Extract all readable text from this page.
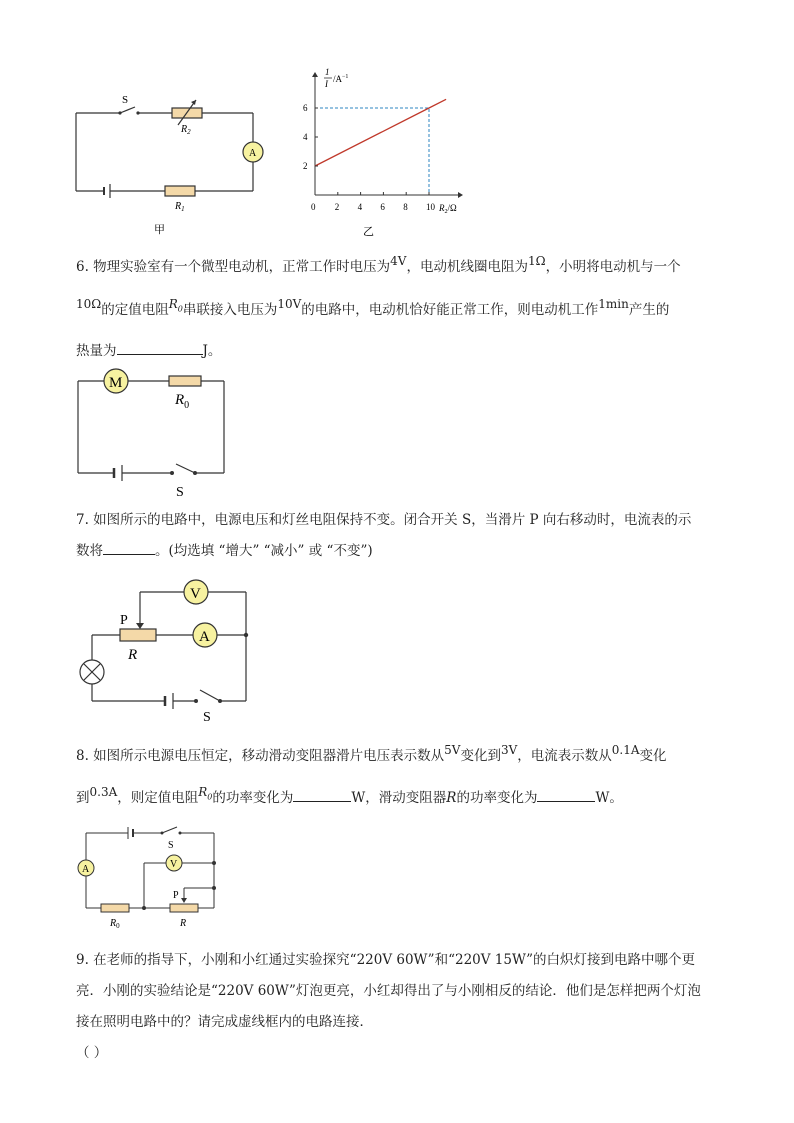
S
$R_2$
A
$R_1$
甲
2 4 6 8 10
2
4
6
1
I $/A^{-1}$
$R_2/\Omega$
0
乙
6. 物理实验室有一个微型电动机，正常工作时电压为4V，电动机线圈电阻为1Ω，小明将电动机与一个
10Ω的定值电阻$R_0$串联接入电压为10V的电路中，电动机恰好能正常工作，则电动机工作1min产生的
热量为	J。
M
$R_0$
S
7. 如图所示的电路中，电源电压和灯丝电阻保持不变。闭合开关 S，当滑片 P 向右移动时，电流表的示
数将	。(均选填 “增大” “减小” 或 “不变”)
V
A
P
R
S
8. 如图所示电源电压恒定，移动滑动变阻器滑片电压表示数从5V变化到3V，电流表示数从0.1A变化
到0.3A，则定值电阻$R_0$的功率变化为	W，滑动变阻器R的功率变化为	W。
A	V
S
P
$R_0$	R
9. 在老师的指导下，小刚和小红通过实验探究“220V 60W”和“220V 15W”的白炽灯接到电路中哪个更
亮．小刚的实验结论是“220V 60W”灯泡更亮，小红却得出了与小刚相反的结论．他们是怎样把两个灯泡
接在照明电路中的？请完成虚线框内的电路连接．
（ ）
